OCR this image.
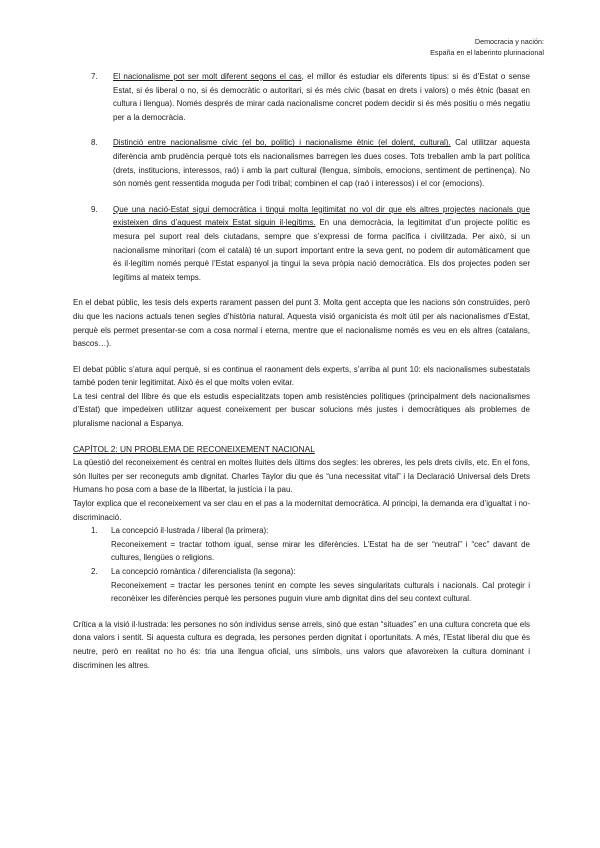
Democracia y nación:
España en el laberinto plurinacional
7.	El nacionalisme pot ser molt diferent segons el cas, el millor és estudiar els diferents tipus: si és d’Estat o sense Estat, si és liberal o no, si és democràtic o autoritari, si és més cívic (basat en drets i valors) o més ètnic (basat en cultura i llengua). Només després de mirar cada nacionalisme concret podem decidir si és més positiu o més negatiu per a la democràcia.
8.	Distinció entre nacionalisme cívic (el bo, polític) i nacionalisme ètnic (el dolent, cultural). Cal utilitzar aquesta diferència amb prudència perquè tots els nacionalismes barregen les dues coses. Tots treballen amb la part política (drets, institucions, interessos, raó) i amb la part cultural (llengua, símbols, emocions, sentiment de pertinença). No són només gent ressentida moguda per l’odi tribal; combinen el cap (raó i interessos) i el cor (emocions).
9.	Que una nació-Estat sigui democràtica i tingui molta legitimitat no vol dir que els altres projectes nacionals que existeixen dins d’aquest mateix Estat siguin il·legítims. En una democràcia, la legitimitat d’un projecte polític es mesura pel suport real dels ciutadans, sempre que s’expressi de forma pacífica i civilitzada. Per això, si un nacionalisme minoritari (com el català) té un suport important entre la seva gent, no podem dir automàticament que és il·legítim només perquè l’Estat espanyol ja tingui la seva pròpia nació democràtica. Els dos projectes poden ser legítims al mateix temps.

En el debat públic, les tesis dels experts rarament passen del punt 3. Molta gent accepta que les nacions són construïdes, però diu que les nacions actuals tenen segles d’història natural. Aquesta visió organicista és molt útil per als nacionalismes d’Estat, perquè els permet presentar-se com a cosa normal i eterna, mentre que el nacionalisme només es veu en els altres (catalans, bascos…).

El debat públic s’atura aquí perquè, si es continua el raonament dels experts, s’arriba al punt 10: els nacionalismes subestatals també poden tenir legitimitat. Això és el que molts volen evitar.

La tesi central del llibre és que els estudis especialitzats topen amb resistències polítiques (principalment dels nacionalismes d’Estat) que impedeixen utilitzar aquest coneixement per buscar solucions més justes i democràtiques als problemes de pluralisme nacional a Espanya.

CAPÍTOL 2: UN PROBLEMA DE RECONEIXEMENT NACIONAL

La qüestió del reconeixement és central en moltes lluites dels últims dos segles: les obreres, les pels drets civils, etc. En el fons, són lluites per ser reconeguts amb dignitat. Charles Taylor diu que és “una necessitat vital” i la Declaració Universal dels Drets Humans ho posa com a base de la llibertat, la justícia i la pau.

Taylor explica que el reconeixement va ser clau en el pas a la modernitat democràtica. Al principi, la demanda era d’igualtat i no-discriminació.

1.	La concepció il·lustrada / liberal (la primera):
Reconeixement = tractar tothom igual, sense mirar les diferències. L’Estat ha de ser “neutral” i “cec” davant de cultures, llengües o religions.
2.	La concepció romàntica / diferencialista (la segona):
Reconeixement = tractar les persones tenint en compte les seves singularitats culturals i nacionals. Cal protegir i reconèixer les diferències perquè les persones puguin viure amb dignitat dins del seu context cultural.

Crítica a la visió il·lustrada: les persones no són individus sense arrels, sinó que estan “situades” en una cultura concreta que els dona valors i sentit. Si aquesta cultura es degrada, les persones perden dignitat i oportunitats. A més, l’Estat liberal diu que és neutre, però en realitat no ho és: tria una llengua oficial, uns símbols, uns valors que afavoreixen la cultura dominant i discriminen les altres.
